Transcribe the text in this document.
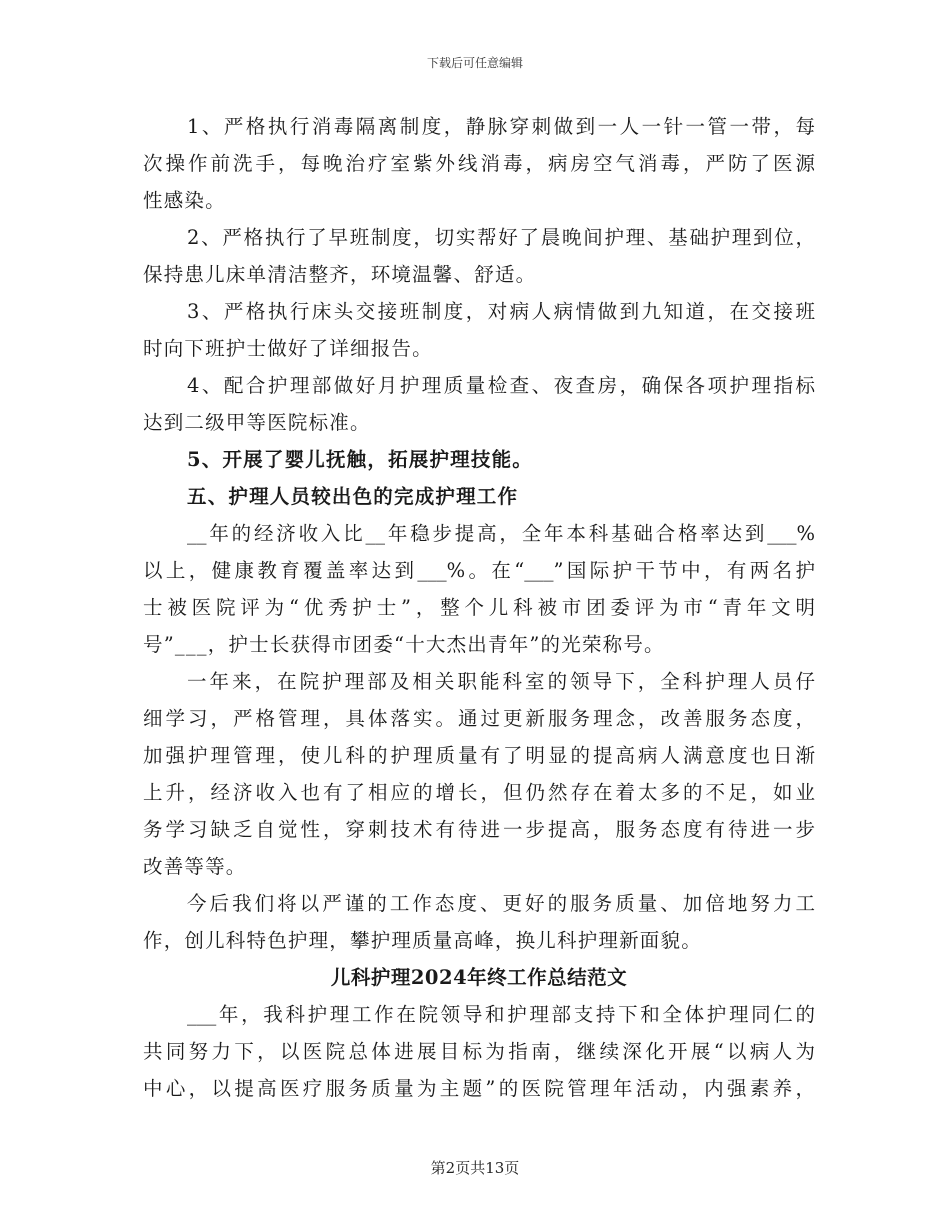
下载后可任意编辑
1、严格执行消毒隔离制度，静脉穿刺做到一人一针一管一带，每
次操作前洗手，每晚治疗室紫外线消毒，病房空气消毒，严防了医源
性感染。
2、严格执行了早班制度，切实帮好了晨晚间护理、基础护理到位，
保持患儿床单清洁整齐，环境温馨、舒适。
3、严格执行床头交接班制度，对病人病情做到九知道，在交接班
时向下班护士做好了详细报告。
4、配合护理部做好月护理质量检查、夜查房，确保各项护理指标
达到二级甲等医院标准。
5、开展了婴儿抚触，拓展护理技能。
五、护理人员较出色的完成护理工作
__年的经济收入比__年稳步提高，全年本科基础合格率达到___%
以上，健康教育覆盖率达到___%。在“___”国际护干节中，有两名护
士被医院评为“优秀护士”，整个儿科被市团委评为市“青年文明
号”___，护士长获得市团委“十大杰出青年”的光荣称号。
一年来，在院护理部及相关职能科室的领导下，全科护理人员仔
细学习，严格管理，具体落实。通过更新服务理念，改善服务态度，
加强护理管理，使儿科的护理质量有了明显的提高病人满意度也日渐
上升，经济收入也有了相应的增长，但仍然存在着太多的不足，如业
务学习缺乏自觉性，穿刺技术有待进一步提高，服务态度有待进一步
改善等等。
今后我们将以严谨的工作态度、更好的服务质量、加倍地努力工
作，创儿科特色护理，攀护理质量高峰，换儿科护理新面貌。
儿科护理2024年终工作总结范文
___年，我科护理工作在院领导和护理部支持下和全体护理同仁的
共同努力下，以医院总体进展目标为指南，继续深化开展“以病人为
中心，以提高医疗服务质量为主题”的医院管理年活动，内强素养，
第2页共13页
